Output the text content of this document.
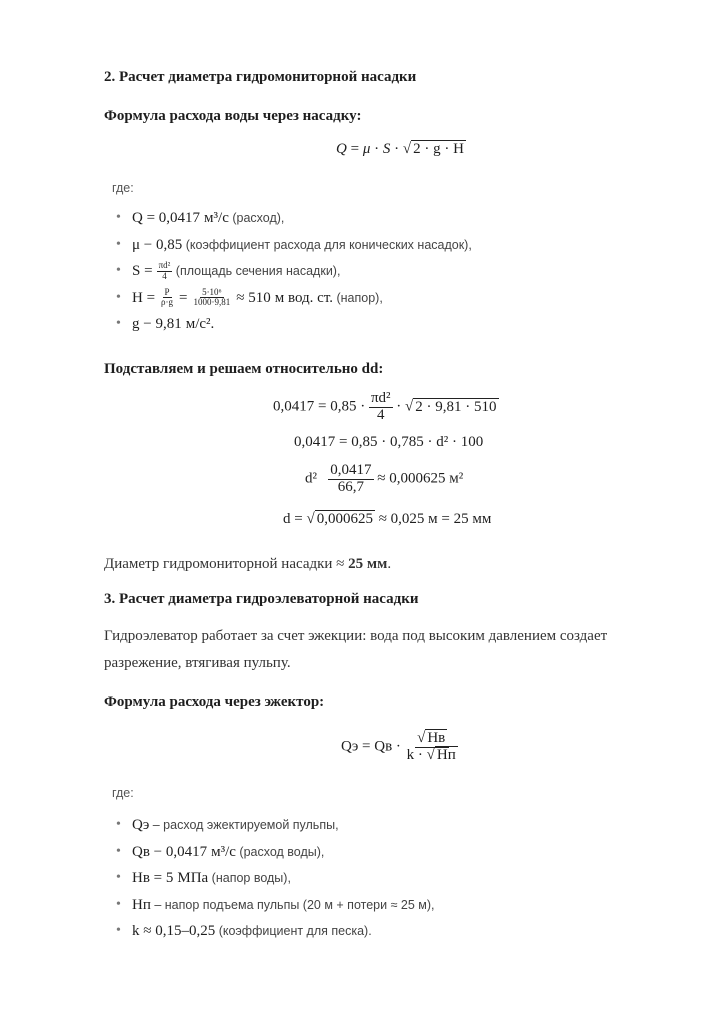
2. Расчет диаметра гидромониторной насадки
Формула расхода воды через насадку:
Q = μ · S · √ 2 · g · H
где:
• Q = 0,0417 м³/с (расход),
• μ − 0,85 (коэффициент расхода для конических насадок),
• $S = \frac{\text{πd²}}{4}$ (площадь сечения насадки),
• $H = \frac{P}{\rho\cdot g} = \frac{\text{5·10⁶}}{1000\cdot 9,81} \approx 510$ м вод. ст. (напор),
• g − 9,81 м/с².
Подставляем и решаем относительно dd:
$0,0417 = 0,85 \cdot \frac{\text{πd²}}{4}$ · √ 2 · 9,81 · 510
0,0417 = 0,85 · 0,785 · d² · 100
$d^2 \frac{0,0417}{66,7} \approx 0,000625$ м²
d = √ 0,000625 ≈ 0,025 м = 25 мм
Диаметр гидромониторной насадки ≈ 25 мм.
3. Расчет диаметра гидроэлеваторной насадки
Гидроэлеватор работает за счет эжекции: вода под высоким давлением создает
разрежение, втягивая пульпу.
Формула расхода через эжектор:
Qэ = Qв · $\frac{√ Hв}{k \cdot √ Hп}$
где:
• Qэ – расход эжектируемой пульпы,
• Qв − 0,0417 м³/с (расход воды),
• Hв = 5 МПа (напор воды),
• Hп – напор подъема пульпы (20 м + потери ≈ 25 м),
• k ≈ 0,15–0,25 (коэффициент для песка).
